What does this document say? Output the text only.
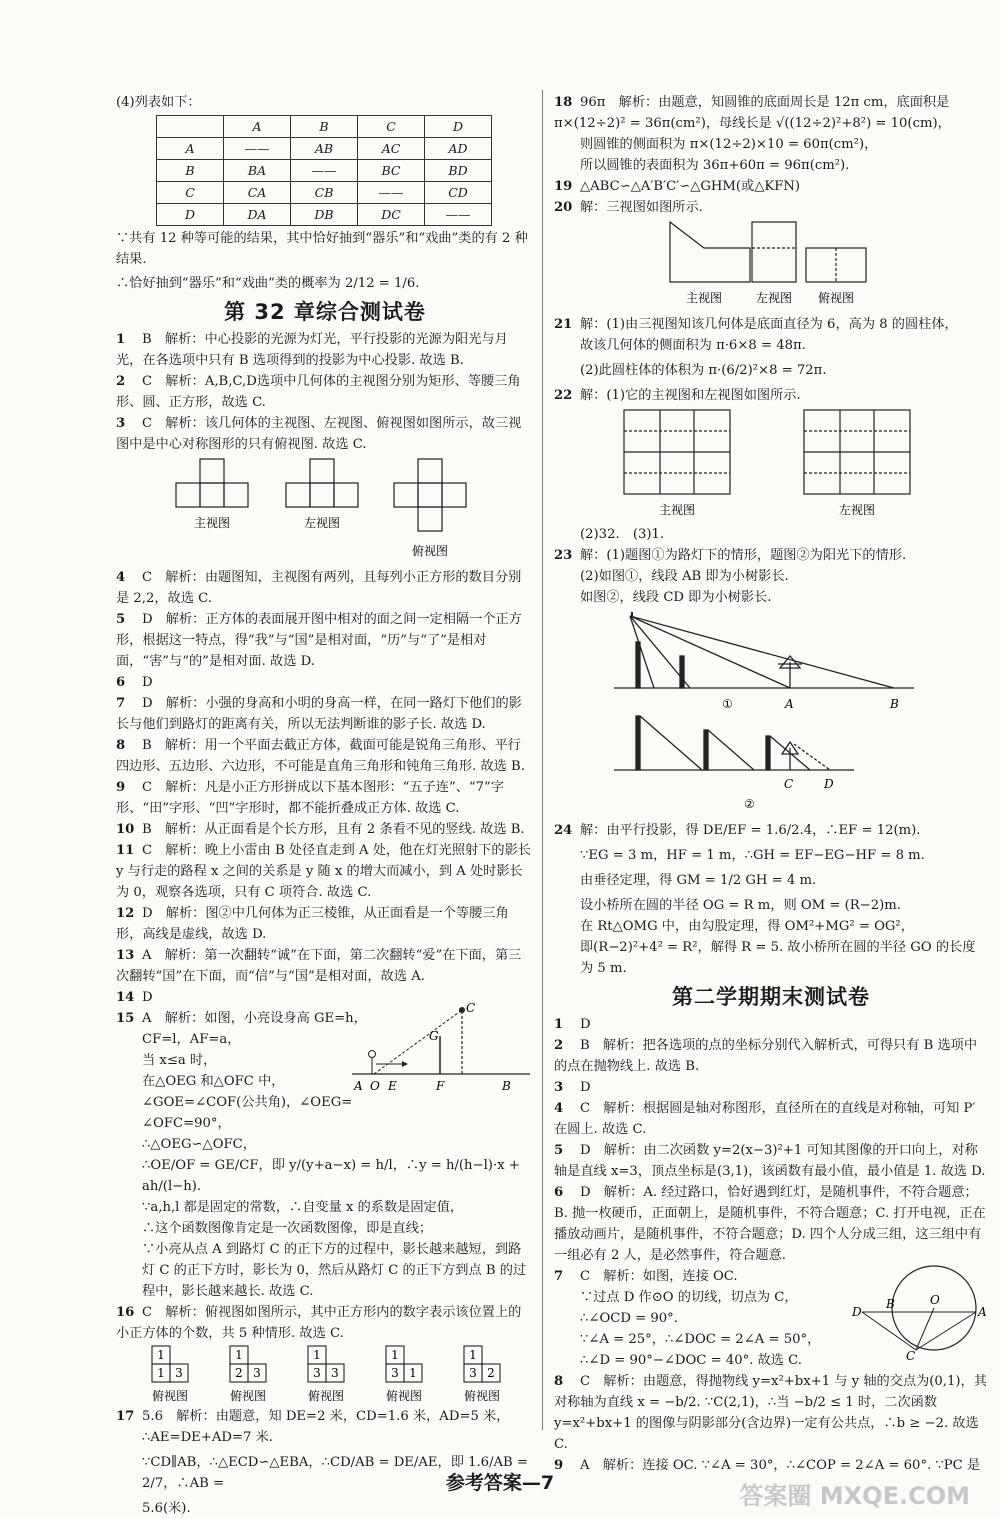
(4)列表如下：

	A	B	C	D
A	——	AB	AC	AD
B	BA	——	BC	BD
C	CA	CB	——	CD
D	DA	DB	DC	——

∵共有 12 种等可能的结果，其中恰好抽到“器乐”和“戏曲”类的有 2 种结果.

∴恰好抽到“器乐”和“戏曲”类的概率为 2/12 = 1/6.

第 32 章综合测试卷

1 B　解析：中心投影的光源为灯光，平行投影的光源为阳光与月光，在各选项中只有 B 选项得到的投影为中心投影. 故选 B.

2 C　解析：A,B,C,D选项中几何体的主视图分别为矩形、等腰三角形、圆、正方形，故选 C.

3 C　解析：该几何体的主视图、左视图、俯视图如图所示，故三视图中是中心对称图形的只有俯视图. 故选 C.

主视图	左视图
俯视图

4 C　解析：由题图知，主视图有两列，且每列小正方形的数目分别是 2,2，故选 C.

5 D　解析：正方体的表面展开图中相对的面之间一定相隔一个正方形，根据这一特点，得“我”与“国”是相对面，“历”与“了”是相对面，“害”与“的”是相对面. 故选 D.

6 D

7 D　解析：小强的身高和小明的身高一样，在同一路灯下他们的影长与他们到路灯的距离有关，所以无法判断谁的影子长. 故选 D.

8 B　解析：用一个平面去截正方体，截面可能是锐角三角形、平行四边形、五边形、六边形，不可能是直角三角形和钝角三角形. 故选 B.

9 C　解析：凡是小正方形拼成以下基本图形：“五子连”、“7”字形、“田”字形、“凹”字形时，都不能折叠成正方体. 故选 C.

10 B　解析：从正面看是个长方形，且有 2 条看不见的竖线. 故选 B.

11 C　解析：晚上小雷由 B 处径直走到 A 处，他在灯光照射下的影长 y 与行走的路程 x 之间的关系是 y 随 x 的增大而减小，到 A 处时影长为 0，观察各选项，只有 C 项符合. 故选 C.

12 D　解析：图②中几何体为正三棱锥，从正面看是一个等腰三角形，高线是虚线，故选 D.

13 A　解析：第一次翻转“诚”在下面，第二次翻转“爱”在下面，第三次翻转“国”在下面，而“信”与“国”是相对面，故选 A.

14 D

15 A　解析：如图，小亮设身高 GE=h，

CF=l，AF=a，

当 x≤a 时，

在△OEG 和△OFC 中，

∠GOE=∠COF(公共角)，∠OEG=

∠OFC=90°，

∴△OEG∽△OFC，

∴OE/OF = GE/CF，即 y/(y+a−x) = h/l，∴y = h/(h−l)·x + ah/(l−h).

∵a,h,l 都是固定的常数，∴自变量 x 的系数是固定值，

∴这个函数图像肯定是一次函数图像，即是直线；

∵小亮从点 A 到路灯 C 的正下方的过程中，影长越来越短，到路灯 C 的正下方时，影长为 0，然后从路灯 C 的正下方到点 B 的过程中，影长越来越长. 故选 C.

C
G
A O E	F	B

16 C　解析：俯视图如图所示，其中正方形内的数字表示该位置上的小正方体的个数，共 5 种情形. 故选 C.

1
1 3
1
2 3
1
3 3
1
3 1
1
3 2
俯视图	俯视图	俯视图	俯视图	俯视图

17 5.6　解析：由题意，知 DE=2 米，CD=1.6 米，AD=5 米，

∴AE=DE+AD=7 米.

∵CD∥AB，∴△ECD∽△EBA，∴CD/AB = DE/AE，即 1.6/AB = 2/7，∴AB =

5.6(米).

18 96π　解析：由题意，知圆锥的底面周长是 12π cm，底面积是 π×(12÷2)² = 36π(cm²)，母线长是 √((12÷2)²+8²) = 10(cm)，

则圆锥的侧面积为 π×(12÷2)×10 = 60π(cm²)，

所以圆锥的表面积为 36π+60π = 96π(cm²).

19 △ABC∽△A′B′C′∽△GHM(或△KFN)

20 解：三视图如图所示.

主视图	左视图 俯视图

21 解：(1)由三视图知该几何体是底面直径为 6，高为 8 的圆柱体，

故该几何体的侧面积为 π·6×8 = 48π.

(2)此圆柱体的体积为 π·(6/2)²×8 = 72π.

22 解：(1)它的主视图和左视图如图所示.

主视图	左视图

(2)32.　(3)1.

23 解：(1)题图①为路灯下的情形，题图②为阳光下的情形.

(2)如图①，线段 AB 即为小树影长.

如图②，线段 CD 即为小树影长.

①	A	B
②
C	D

24 解：由平行投影，得 DE/EF = 1.6/2.4，∴EF = 12(m).

∵EG = 3 m，HF = 1 m，∴GH = EF−EG−HF = 8 m.

由垂径定理，得 GM = 1/2 GH = 4 m.

设小桥所在圆的半径 OG = R m，则 OM = (R−2)m.

在 Rt△OMG 中，由勾股定理，得 OM²+MG² = OG²，

即(R−2)²+4² = R²，解得 R = 5. 故小桥所在圆的半径 GO 的长度为 5 m.

第二学期期末测试卷

1 D

2 B　解析：把各选项的点的坐标分别代入解析式，可得只有 B 选项中的点在抛物线上. 故选 B.

3 D

4 C　解析：根据圆是轴对称图形，直径所在的直线是对称轴，可知 P′ 在圆上. 故选 C.

5 D　解析：由二次函数 y=2(x−3)²+1 可知其图像的开口向上，对称轴是直线 x=3，顶点坐标是(3,1)，该函数有最小值，最小值是 1. 故选 D.

6 D　解析：A. 经过路口，恰好遇到红灯，是随机事件，不符合题意；B. 抛一枚硬币，正面朝上，是随机事件，不符合题意；C. 打开电视，正在播放动画片，是随机事件，不符合题意；D. 四个人分成三组，这三组中有一组必有 2 人，是必然事件，符合题意.

7 C　解析：如图，连接 OC.

∵过点 D 作⊙O 的切线，切点为 C，

∴∠OCD = 90°.

∵∠A = 25°，∴∠DOC = 2∠A = 50°，

∴∠D = 90°−∠DOC = 40°. 故选 C.

D
B	O
A
C

8 C　解析：由题意，得抛物线 y=x²+bx+1 与 y 轴的交点为(0,1)，其对称轴为直线 x = −b/2. ∵C(2,1)，∴当 −b/2 ≤ 1 时，二次函数 y=x²+bx+1 的图像与阴影部分(含边界)一定有公共点，∴b ≥ −2. 故选 C.

9 A　解析：连接 OC. ∵∠A = 30°，∴∠COP = 2∠A = 60°. ∵PC 是

参考答案—7	答案圈 MXQE.COM
